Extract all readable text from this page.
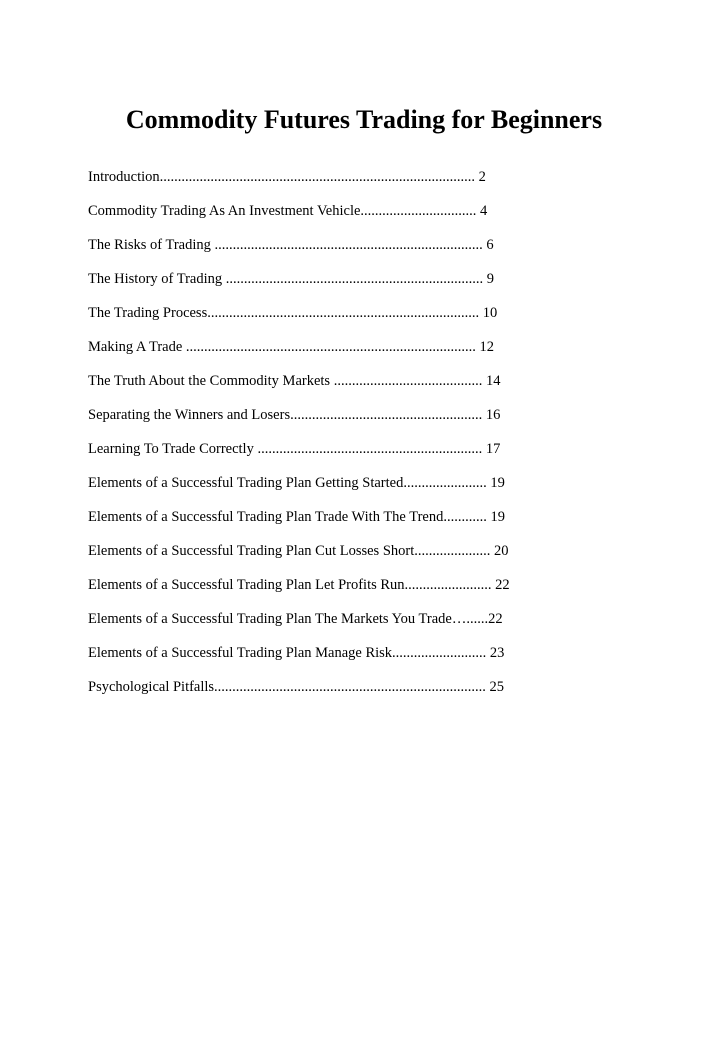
Commodity Futures Trading for Beginners
Introduction....................................................................................... 2
Commodity Trading As An Investment Vehicle................................ 4
The Risks of Trading .......................................................................... 6
The History of Trading ....................................................................... 9
The Trading Process........................................................................... 10
Making A Trade ................................................................................ 12
The Truth About the Commodity Markets ......................................... 14
Separating the Winners and Losers..................................................... 16
Learning To Trade Correctly .............................................................. 17
Elements of a Successful Trading Plan Getting Started....................... 19
Elements of a Successful Trading Plan Trade With The Trend............ 19
Elements of a Successful Trading Plan Cut Losses Short..................... 20
Elements of a Successful Trading Plan Let Profits Run........................ 22
Elements of a Successful Trading Plan The Markets You Trade…......22
Elements of a Successful Trading Plan Manage Risk.......................... 23
Psychological Pitfalls........................................................................... 25
